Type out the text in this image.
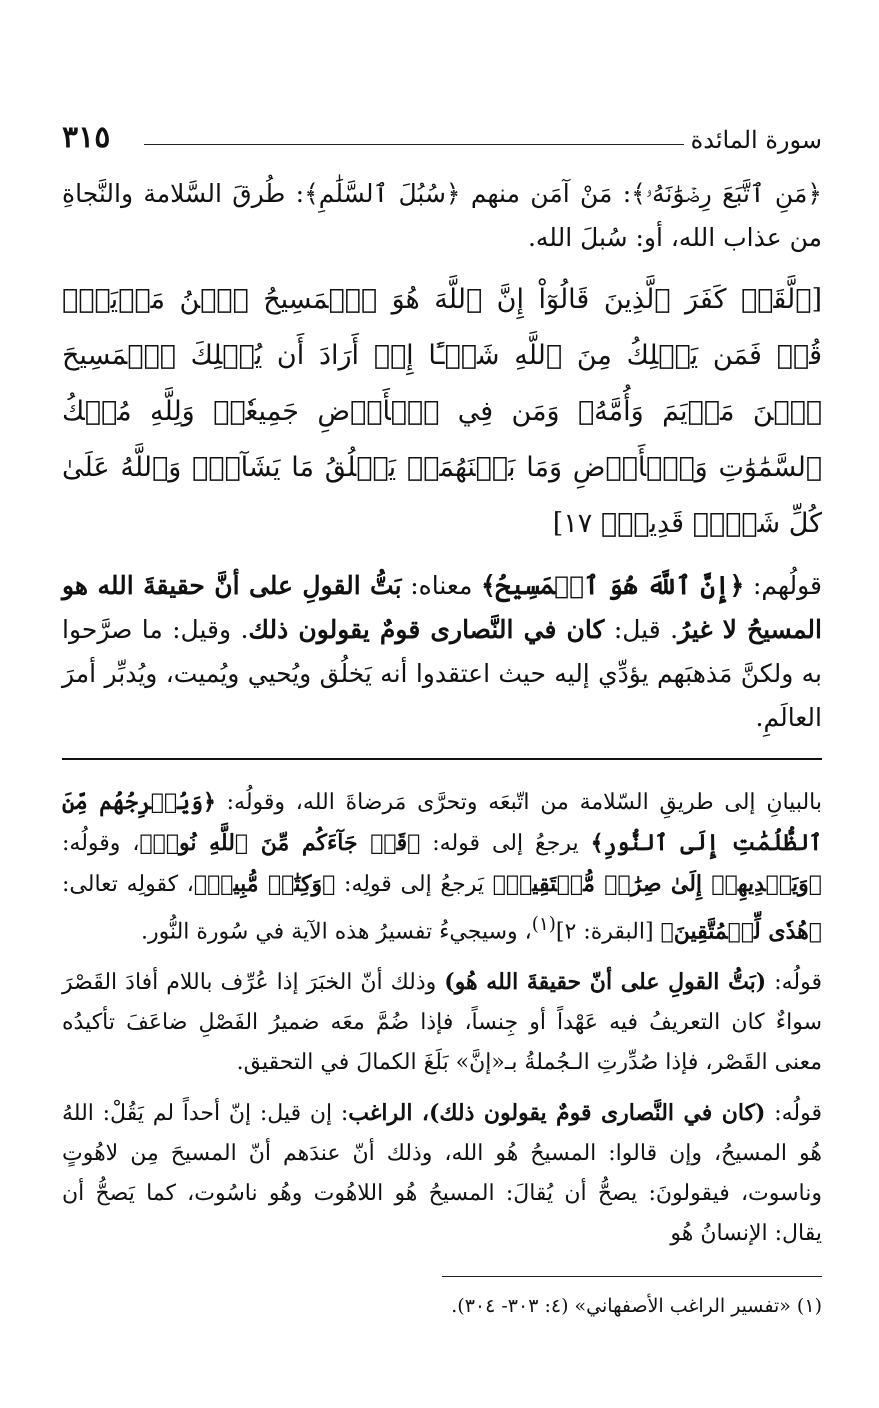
سورة المائدة
٣١٥

﴿مَنِ ٱتَّبَعَ رِضۡوَٰنَهُۥ﴾: مَنْ آمَن منهم ﴿سُبُلَ ٱلسَّلَٰمِ﴾: طُرقَ السَّلامة والنَّجاةِ من عذاب الله، أو: سُبلَ الله.

[﴿لَّقَدۡ كَفَرَ ٱلَّذِينَ قَالُوٓاْ إِنَّ ٱللَّهَ هُوَ ٱلۡمَسِيحُ ٱبۡنُ مَرۡيَمَۚ قُلۡ فَمَن يَمۡلِكُ مِنَ ٱللَّهِ شَيۡـًٔا إِنۡ أَرَادَ أَن يُهۡلِكَ ٱلۡمَسِيحَ ٱبۡنَ مَرۡيَمَ وَأُمَّهُۥ وَمَن فِي ٱلۡأَرۡضِ جَمِيعٗاۗ وَلِلَّهِ مُلۡكُ ٱلسَّمَٰوَٰتِ وَٱلۡأَرۡضِ وَمَا بَيۡنَهُمَاۚ يَخۡلُقُ مَا يَشَآءُۚ وَٱللَّهُ عَلَىٰ كُلِّ شَيۡءٖ قَدِيرٞ﴾ ١٧]

قولُهم: ﴿إِنَّ ٱللَّهَ هُوَ ٱلۡمَسِيحُ﴾ معناه: بَتُّ القولِ على أنَّ حقيقةَ الله هو المسيحُ لا غيرُ. قيل: كان في النَّصارى قومٌ يقولون ذلك. وقيل: ما صرَّحوا به ولكنَّ مَذهبَهم يؤدِّي إليه حيث اعتقدوا أنه يَخلُق ويُحيي ويُميت، ويُدبِّر أمرَ العالَمِ.

بالبيانِ إلى طريقِ السّلامة من اتّبعَه وتحرَّى مَرضاةَ الله، وقولُه: ﴿وَيُخۡرِجُهُم مِّنَ ٱلظُّلُمَٰتِ إِلَى ٱلنُّورِ﴾ يرجعُ إلى قوله: ﴿قَدۡ جَآءَكُم مِّنَ ٱللَّهِ نُورٞ﴾، وقولُه: ﴿وَيَهۡدِيهِمۡ إِلَىٰ صِرَٰطٖ مُّسۡتَقِيمٖ﴾ يَرجعُ إلى قولِه: ﴿وَكِتَٰبٞ مُّبِينٞ﴾، كقولِه تعالى: ﴿هُدٗى لِّلۡمُتَّقِينَ﴾ [البقرة: ٢]$^{(١)}$، وسيجيءُ تفسيرُ هذه الآية في سُورة النُّور.

قولُه: (بَتُّ القولِ على أنّ حقيقةَ الله هُو) وذلك أنّ الخبَرَ إذا عُرِّف باللام أفادَ القَصْرَ سواءٌ كان التعريفُ فيه عَهْداً أو جِنساً، فإذا ضُمَّ معَه ضميرُ الفَصْلِ ضاعَفَ تأكيدُه معنى القَصْر، فإذا صُدِّرتِ الـجُملةُ بـ«إنَّ» بَلَغَ الكمالَ في التحقيق.

قولُه: (كان في النَّصارى قومٌ يقولون ذلك)، الراغب: إن قيل: إنّ أحداً لم يَقُلْ: اللهُ هُو المسيحُ، وإن قالوا: المسيحُ هُو الله، وذلك أنّ عندَهم أنّ المسيحَ مِن لاهُوتٍ وناسوت، فيقولونَ: يصحُّ أن يُقالَ: المسيحُ هُو اللاهُوت وهُو ناسُوت، كما يَصحُّ أن يقال: الإنسانُ هُو

(١) «تفسير الراغب الأصفهاني» (٤: ٣٠٣- ٣٠٤).
